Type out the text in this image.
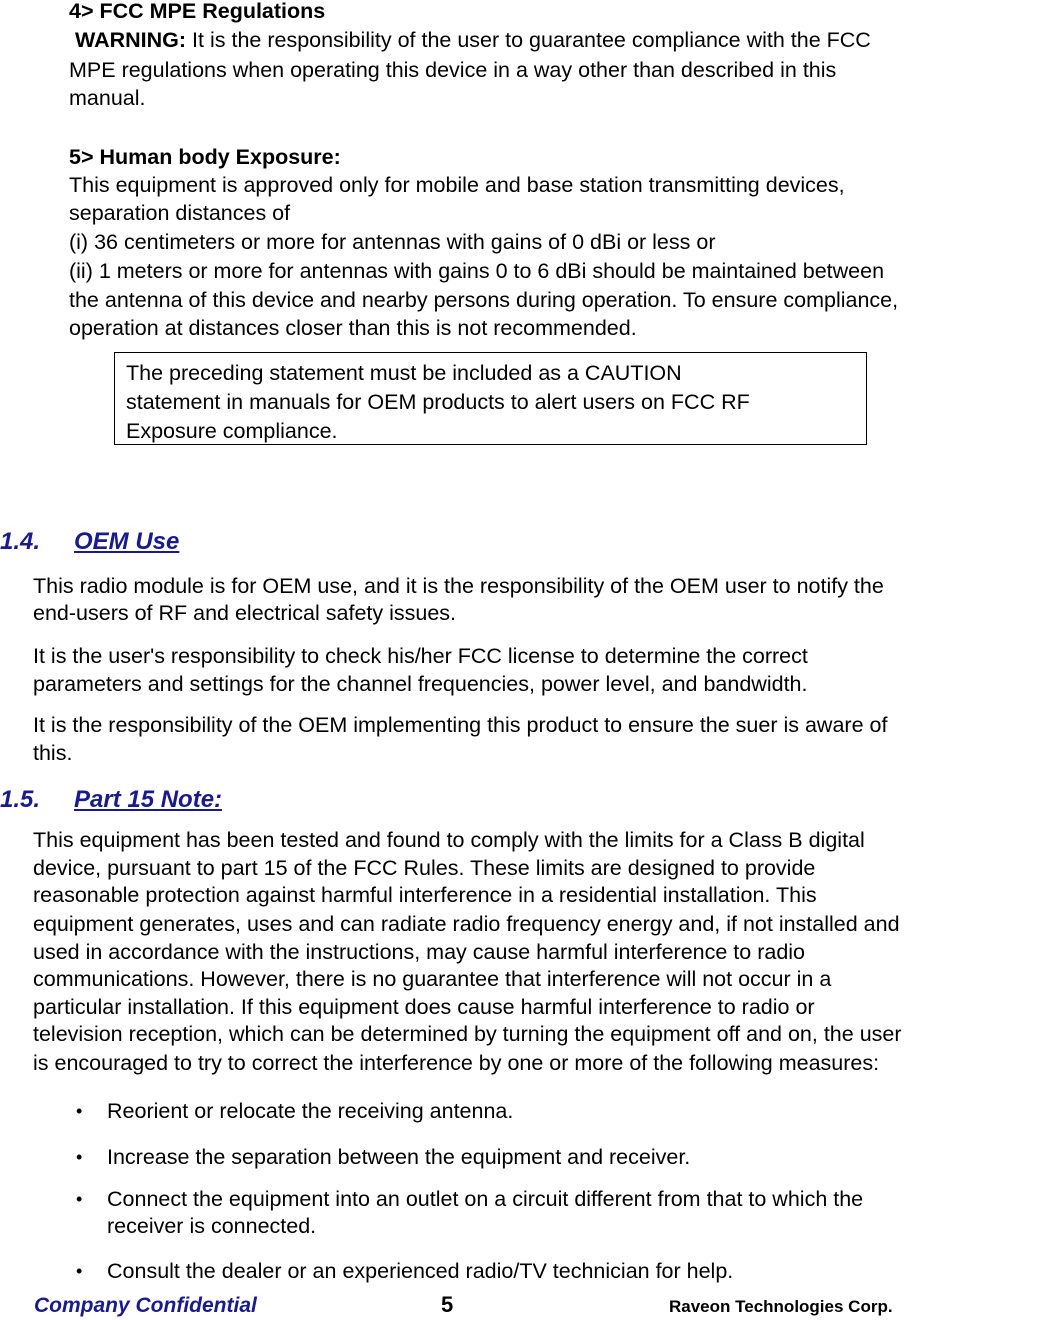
4> FCC MPE Regulations
WARNING: It is the responsibility of the user to guarantee compliance with the FCC
MPE regulations when operating this device in a way other than described in this
manual.
5> Human body Exposure:
This equipment is approved only for mobile and base station transmitting devices,
separation distances of
(i) 36 centimeters or more for antennas with gains of 0 dBi or less or
(ii) 1 meters or more for antennas with gains 0 to 6 dBi should be maintained between
the antenna of this device and nearby persons during operation. To ensure compliance,
operation at distances closer than this is not recommended.
The preceding statement must be included as a CAUTION
statement in manuals for OEM products to alert users on FCC RF
Exposure compliance.
1.4. OEM Use
This radio module is for OEM use, and it is the responsibility of the OEM user to notify the
end-users of RF and electrical safety issues.
It is the user's responsibility to check his/her FCC license to determine the correct
parameters and settings for the channel frequencies, power level, and bandwidth.
It is the responsibility of the OEM implementing this product to ensure the suer is aware of
this.
1.5. Part 15 Note:
This equipment has been tested and found to comply with the limits for a Class B digital
device, pursuant to part 15 of the FCC Rules. These limits are designed to provide
reasonable protection against harmful interference in a residential installation. This
equipment generates, uses and can radiate radio frequency energy and, if not installed and
used in accordance with the instructions, may cause harmful interference to radio
communications. However, there is no guarantee that interference will not occur in a
particular installation. If this equipment does cause harmful interference to radio or
television reception, which can be determined by turning the equipment off and on, the user
is encouraged to try to correct the interference by one or more of the following measures:
• Reorient or relocate the receiving antenna.
• Increase the separation between the equipment and receiver.
• Connect the equipment into an outlet on a circuit different from that to which the
receiver is connected.
• Consult the dealer or an experienced radio/TV technician for help.
Company Confidential	5	Raveon Technologies Corp.
